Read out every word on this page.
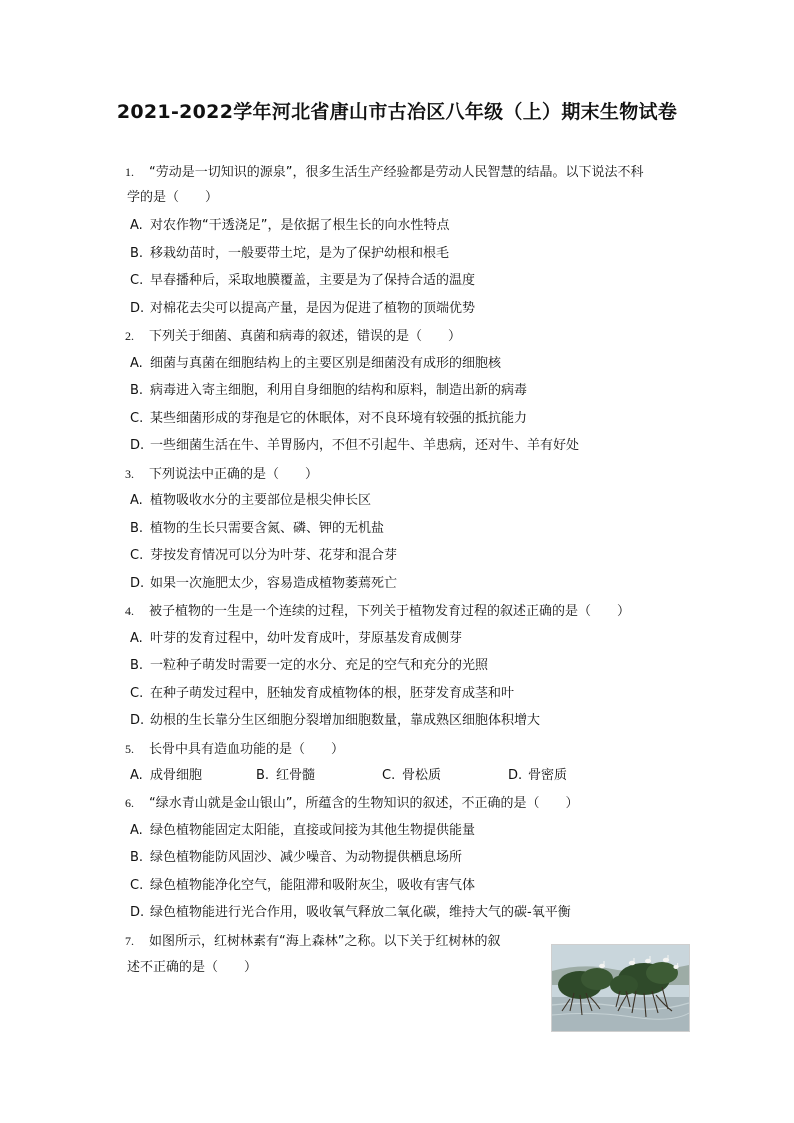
2021-2022学年河北省唐山市古冶区八年级（上）期末生物试卷
1. “劳动是一切知识的源泉”，很多生活生产经验都是劳动人民智慧的结晶。以下说法不科
学的是（　　）
A. 对农作物“干透浇足”，是依据了根生长的向水性特点
B. 移栽幼苗时，一般要带土坨，是为了保护幼根和根毛
C. 早春播种后，采取地膜覆盖，主要是为了保持合适的温度
D. 对棉花去尖可以提高产量，是因为促进了植物的顶端优势
2. 下列关于细菌、真菌和病毒的叙述，错误的是（　　）
A. 细菌与真菌在细胞结构上的主要区别是细菌没有成形的细胞核
B. 病毒进入寄主细胞，利用自身细胞的结构和原料，制造出新的病毒
C. 某些细菌形成的芽孢是它的休眠体，对不良环境有较强的抵抗能力
D. 一些细菌生活在牛、羊胃肠内，不但不引起牛、羊患病，还对牛、羊有好处
3. 下列说法中正确的是（　　）
A. 植物吸收水分的主要部位是根尖伸长区
B. 植物的生长只需要含氮、磷、钾的无机盐
C. 芽按发育情况可以分为叶芽、花芽和混合芽
D. 如果一次施肥太少，容易造成植物萎蔫死亡
4. 被子植物的一生是一个连续的过程，下列关于植物发育过程的叙述正确的是（　　）
A. 叶芽的发育过程中，幼叶发育成叶，芽原基发育成侧芽
B. 一粒种子萌发时需要一定的水分、充足的空气和充分的光照
C. 在种子萌发过程中，胚轴发育成植物体的根，胚芽发育成茎和叶
D. 幼根的生长靠分生区细胞分裂增加细胞数量，靠成熟区细胞体积增大
5. 长骨中具有造血功能的是（　　）
A. 成骨细胞	B. 红骨髓	C. 骨松质	D. 骨密质
6. “绿水青山就是金山银山”，所蕴含的生物知识的叙述，不正确的是（　　）
A. 绿色植物能固定太阳能，直接或间接为其他生物提供能量
B. 绿色植物能防风固沙、减少噪音、为动物提供栖息场所
C. 绿色植物能净化空气，能阻滞和吸附灰尘，吸收有害气体
D. 绿色植物能进行光合作用，吸收氧气释放二氧化碳，维持大气的碳-氧平衡
7. 如图所示，红树林素有“海上森林”之称。以下关于红树林的叙
述不正确的是（　　）
